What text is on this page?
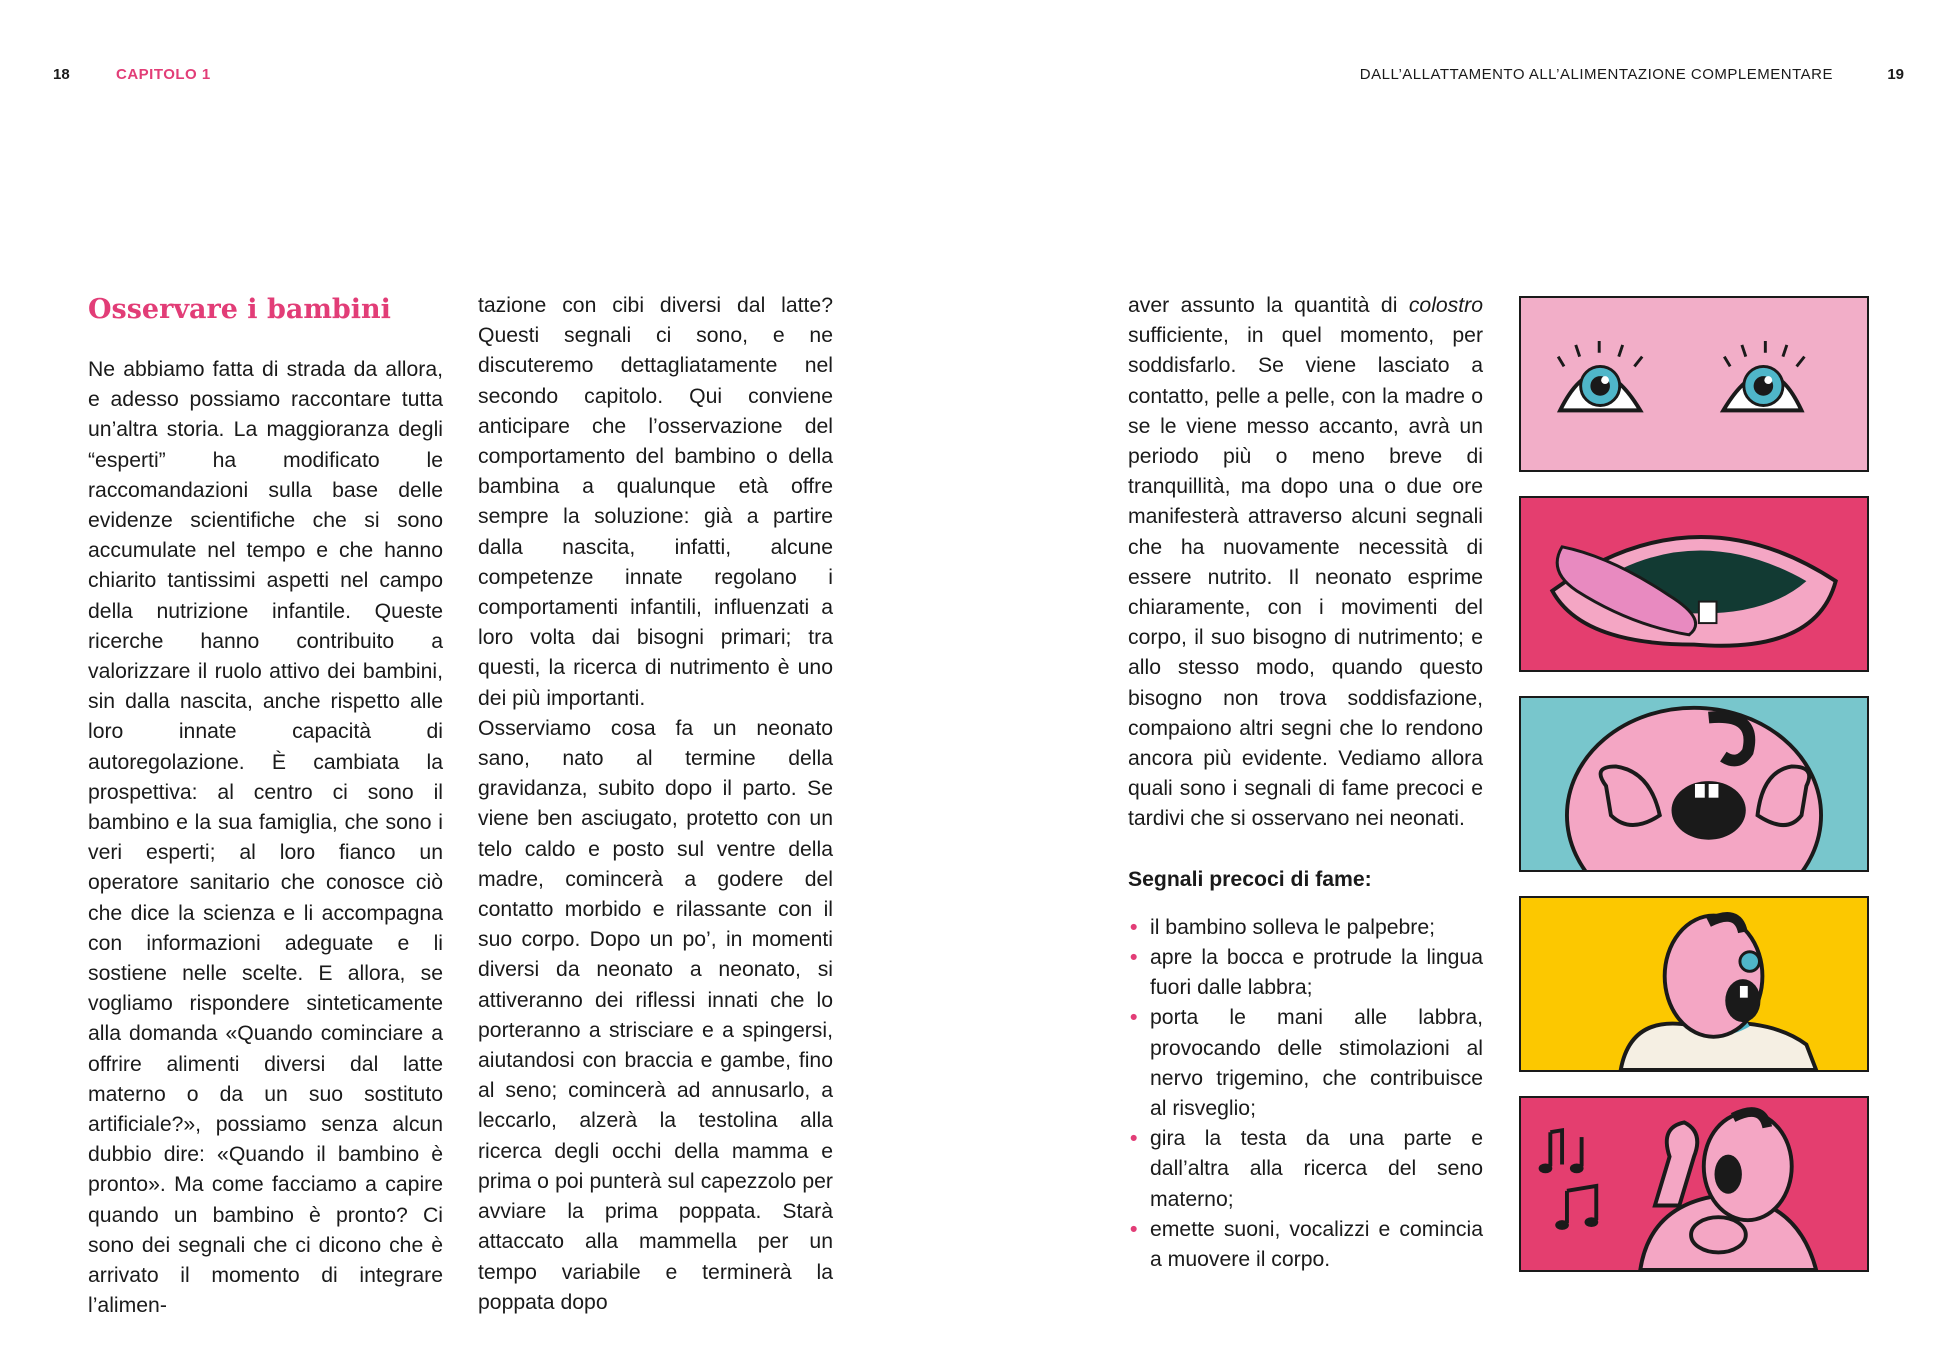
18	CAPITOLO 1	DALL’ALLATTAMENTO ALL’ALIMENTAZIONE COMPLEMENTARE	19
Osservare i bambini

Ne abbiamo fatta di strada da allora, e adesso possiamo raccontare tutta un’altra storia. La maggioranza degli “esperti” ha modificato le raccomandazioni sulla base delle evidenze scientifiche che si sono accumulate nel tempo e che hanno chiarito tantissimi aspetti nel campo della nutrizione infantile. Queste ricerche hanno contribuito a valorizzare il ruolo attivo dei bambini, sin dalla nascita, anche rispetto alle loro innate capacità di autoregolazione. È cambiata la prospettiva: al centro ci sono il bambino e la sua famiglia, che sono i veri esperti; al loro fianco un operatore sanitario che conosce ciò che dice la scienza e li accompagna con informazioni adeguate e li sostiene nelle scelte. E allora, se vogliamo rispondere sinteticamente alla domanda «Quando cominciare a offrire alimenti diversi dal latte materno o da un suo sostituto artificiale?», possiamo senza alcun dubbio dire: «Quando il bambino è pronto». Ma come facciamo a capire quando un bambino è pronto? Ci sono dei segnali che ci dicono che è arrivato il momento di integrare l’alimen-

tazione con cibi diversi dal latte? Questi segnali ci sono, e ne discuteremo dettagliatamente nel secondo capitolo. Qui conviene anticipare che l’osservazione del comportamento del bambino o della bambina a qualunque età offre sempre la soluzione: già a partire dalla nascita, infatti, alcune competenze innate regolano i comportamenti infantili, influenzati a loro volta dai bisogni primari; tra questi, la ricerca di nutrimento è uno dei più importanti.

Osserviamo cosa fa un neonato sano, nato al termine della gravidanza, subito dopo il parto. Se viene ben asciugato, protetto con un telo caldo e posto sul ventre della madre, comincerà a godere del contatto morbido e rilassante con il suo corpo. Dopo un po’, in momenti diversi da neonato a neonato, si attiveranno dei riflessi innati che lo porteranno a strisciare e a spingersi, aiutandosi con braccia e gambe, fino al seno; comincerà ad annusarlo, a leccarlo, alzerà la testolina alla ricerca degli occhi della mamma e prima o poi punterà sul capezzolo per avviare la prima poppata. Starà attaccato alla mammella per un tempo variabile e terminerà la poppata dopo

aver assunto la quantità di colostro sufficiente, in quel momento, per soddisfarlo. Se viene lasciato a contatto, pelle a pelle, con la madre o se le viene messo accanto, avrà un periodo più o meno breve di tranquillità, ma dopo una o due ore manifesterà attraverso alcuni segnali che ha nuovamente necessità di essere nutrito. Il neonato esprime chiaramente, con i movimenti del corpo, il suo bisogno di nutrimento; e allo stesso modo, quando questo bisogno non trova soddisfazione, compaiono altri segni che lo rendono ancora più evidente. Vediamo allora quali sono i segnali di fame precoci e tardivi che si osservano nei neonati.

Segnali precoci di fame:
• il bambino solleva le palpebre;
• apre la bocca e protrude la lingua fuori dalle labbra;
• porta le mani alle labbra, provocando delle stimolazioni al nervo trigemino, che contribuisce al risveglio;
• gira la testa da una parte e dall’altra alla ricerca del seno materno;
• emette suoni, vocalizzi e comincia a muovere il corpo.
